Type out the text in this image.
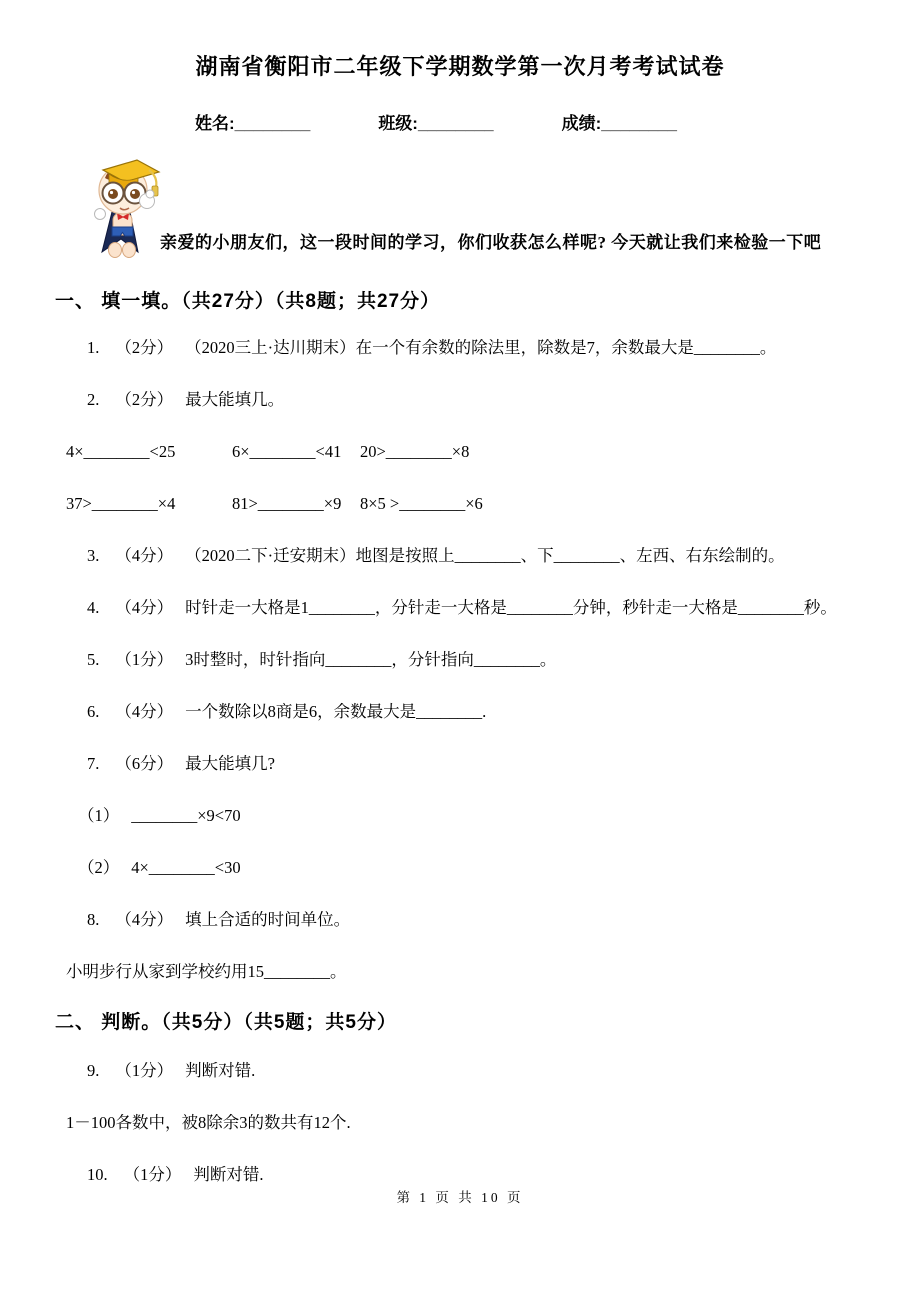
湖南省衡阳市二年级下学期数学第一次月考考试试卷
姓名:________	班级:________	成绩:________
亲爱的小朋友们，这一段时间的学习，你们收获怎么样呢? 今天就让我们来检验一下吧
一、 填一填。（共27分）（共8题；共27分）
1. （2分） （2020三上·达川期末）在一个有余数的除法里，除数是7，余数最大是________。
2. （2分） 最大能填几。
4×________<25	6×________<41	20>________×8
37>________×4	81>________×9	8×5 >________×6
3. （4分） （2020二下·迁安期末）地图是按照上________、下________、左西、右东绘制的。
4. （4分） 时针走一大格是1________，分针走一大格是________分钟，秒针走一大格是________秒。
5. （1分） 3时整时，时针指向________，分针指向________。
6. （4分） 一个数除以8商是6，余数最大是________.
7. （6分） 最大能填几?
（1） ________×9<70
（2） 4×________<30
8. （4分） 填上合适的时间单位。
小明步行从家到学校约用15________。
二、 判断。（共5分）（共5题；共5分）
9. （1分） 判断对错.
1－100各数中，被8除余3的数共有12个.
10. （1分） 判断对错.
第 1 页 共 10 页
